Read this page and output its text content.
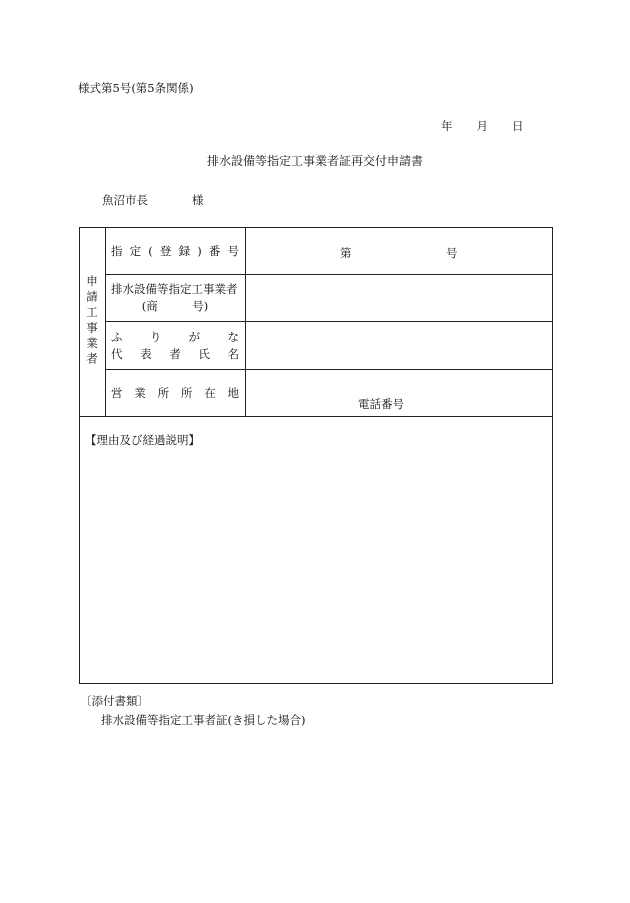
様式第5号(第5条関係)
年 月 日
排水設備等指定工事業者証再交付申請書
魚沼市長	様
申請工事業者
指 定 ( 登 録 ) 番 号
排水設備等指定工事業者
(商　　　号)
ふ り が な
代 表 者 氏 名
営 業 所 所 在 地
第	号
電話番号
【理由及び経過説明】
〔添付書類〕
排水設備等指定工事者証(き損した場合)
